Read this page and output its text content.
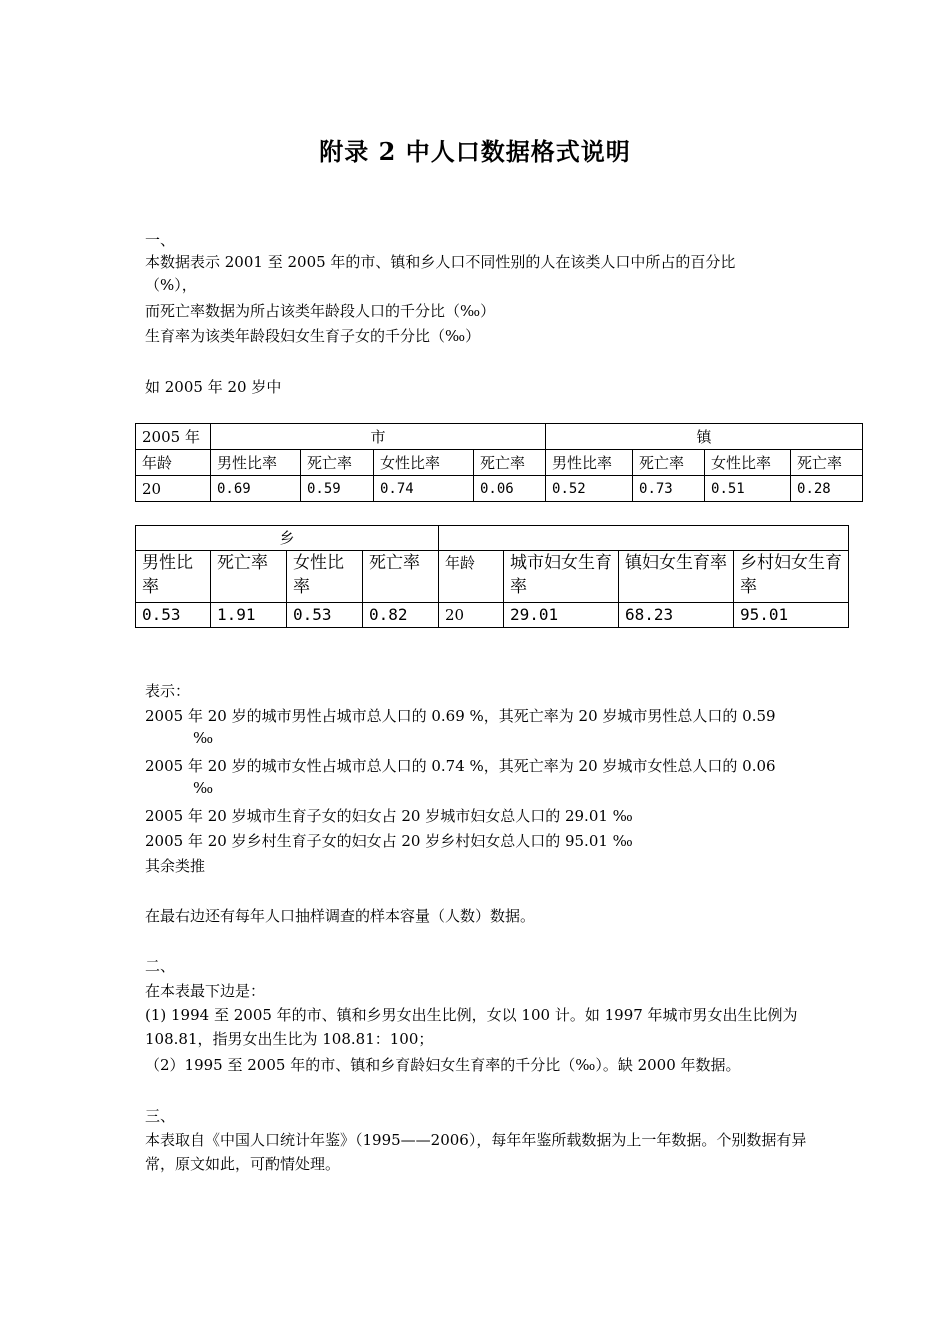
附录 2 中人口数据格式说明
一、
本数据表示 2001 至 2005 年的市、镇和乡人口不同性别的人在该类人口中所占的百分比
（%），
而死亡率数据为所占该类年龄段人口的千分比（‰）
生育率为该类年龄段妇女生育子女的千分比（‰）
如 2005 年 20 岁中
2005 年	市				镇			
年龄	男性比率	死亡率	女性比率	死亡率	男性比率	死亡率	女性比率	死亡率
20	0.69	0.59	0.74	0.06	0.52	0.73	0.51	0.28
乡							
男性比率	死亡率	女性比率	死亡率	年龄	城市妇女生育率	镇妇女生育率	乡村妇女生育率
0.53	1.91	0.53	0.82	20	29.01	68.23	95.01
表示：
2005 年 20 岁的城市男性占城市总人口的 0.69 %，其死亡率为 20 岁城市男性总人口的 0.59
‰
2005 年 20 岁的城市女性占城市总人口的 0.74 %，其死亡率为 20 岁城市女性总人口的 0.06
‰
2005 年 20 岁城市生育子女的妇女占 20 岁城市妇女总人口的 29.01 ‰
2005 年 20 岁乡村生育子女的妇女占 20 岁乡村妇女总人口的 95.01 ‰
其余类推
在最右边还有每年人口抽样调查的样本容量（人数）数据。
二、
在本表最下边是：
(1) 1994 至 2005 年的市、镇和乡男女出生比例，女以 100 计。如 1997 年城市男女出生比例为 108.81，指男女出生比为 108.81：100；
（2）1995 至 2005 年的市、镇和乡育龄妇女生育率的千分比（‰）。缺 2000 年数据。
三、
本表取自《中国人口统计年鉴》（1995——2006），每年年鉴所载数据为上一年数据。个别数据有异常，原文如此，可酌情处理。
